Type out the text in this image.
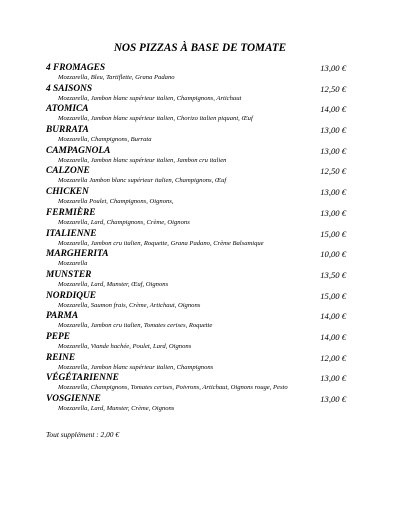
NOS PIZZAS À BASE DE TOMATE
4 FROMAGES	13,00 €
Mozzarella, Bleu, Tartiflette, Grana Padano
4 SAISONS	12,50 €
Mozzarella, Jambon blanc supérieur italien, Champignons, Artichaut
ATOMICA	14,00 €
Mozzarella, Jambon blanc supérieur italien, Chorizo italien piquant, Œuf
BURRATA	13,00 €
Mozzarella, Champignons, Burrata
CAMPAGNOLA	13,00 €
Mozzarella, Jambon blanc supérieur italien, Jambon cru italien
CALZONE	12,50 €
Mozzarella Jambon blanc supérieur italien, Champignons, Œuf
CHICKEN	13,00 €
Mozzarella Poulet, Champignons, Oignons,
FERMIÈRE	13,00 €
Mozzarella, Lard, Champignons, Crème, Oignons
ITALIENNE	15,00 €
Mozzarella, Jambon cru italien, Roquette, Grana Padano, Crème Balsamique
MARGHERITA	10,00 €
Mozzarella
MUNSTER	13,50 €
Mozzarella, Lard, Munster, Œuf, Oignons
NORDIQUE	15,00 €
Mozzarella, Saumon frais, Crème, Artichaut, Oignons
PARMA	14,00 €
Mozzarella, Jambon cru italien, Tomates cerises, Roquette
PEPE	14,00 €
Mozzarella, Viande hachée, Poulet, Lard, Oignons
REINE	12,00 €
Mozzarella, Jambon blanc supérieur italien, Champignons
VÉGÉTARIENNE	13,00 €
Mozzarella, Champignons, Tomates cerises, Poivrons, Artichaut, Oignons rouge, Pesto
VOSGIENNE	13,00 €
Mozzarella, Lard, Munster, Crème, Oignons
Tout supplément : 2,00 €
